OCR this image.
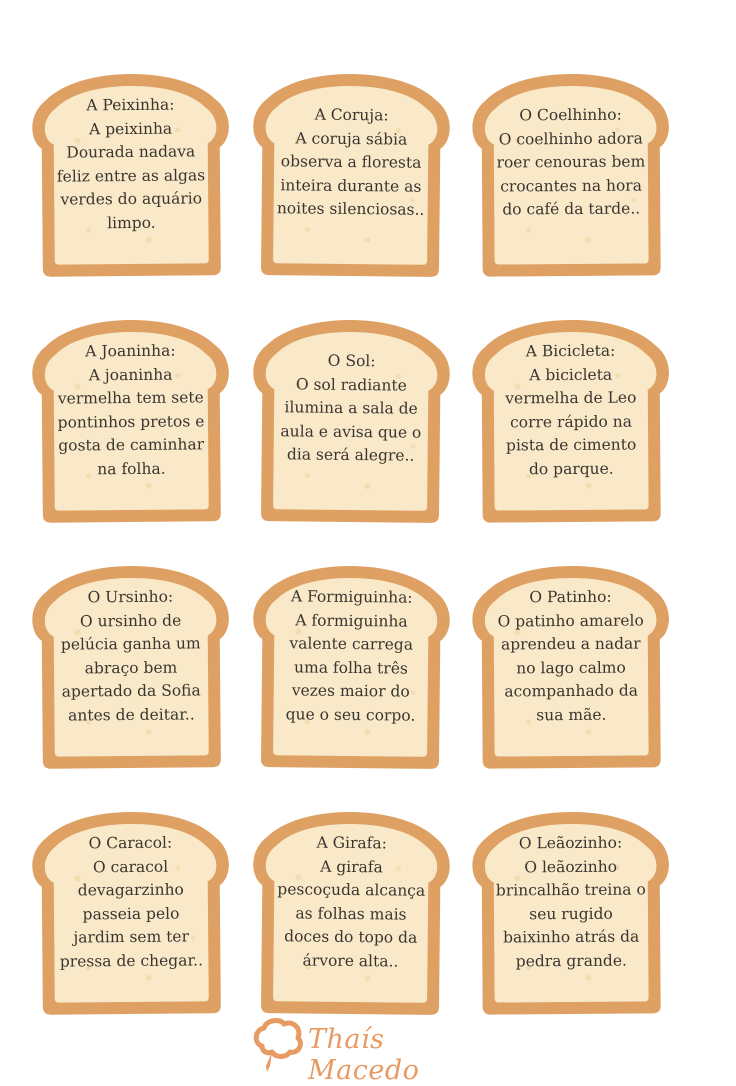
A Peixinha:
A peixinha
Dourada nadava
feliz entre as algas
verdes do aquário
limpo.
A Coruja:
A coruja sábia
observa a floresta
inteira durante as
noites silenciosas..
O Coelhinho:
O coelhinho adora
roer cenouras bem
crocantes na hora
do café da tarde..
A Joaninha:
A joaninha
vermelha tem sete
pontinhos pretos e
gosta de caminhar
na folha.
O Sol:
O sol radiante
ilumina a sala de
aula e avisa que o
dia será alegre..
A Bicicleta:
A bicicleta
vermelha de Leo
corre rápido na
pista de cimento
do parque.
O Ursinho:
O ursinho de
pelúcia ganha um
abraço bem
apertado da Sofia
antes de deitar..
A Formiguinha:
A formiguinha
valente carrega
uma folha três
vezes maior do
que o seu corpo.
O Patinho:
O patinho amarelo
aprendeu a nadar
no lago calmo
acompanhado da
sua mãe.
O Caracol:
O caracol
devagarzinho
passeia pelo
jardim sem ter
pressa de chegar..
A Girafa:
A girafa
pescoçuda alcança
as folhas mais
doces do topo da
árvore alta..
O Leãozinho:
O leãozinho
brincalhão treina o
seu rugido
baixinho atrás da
pedra grande.
Thaís Macedo
